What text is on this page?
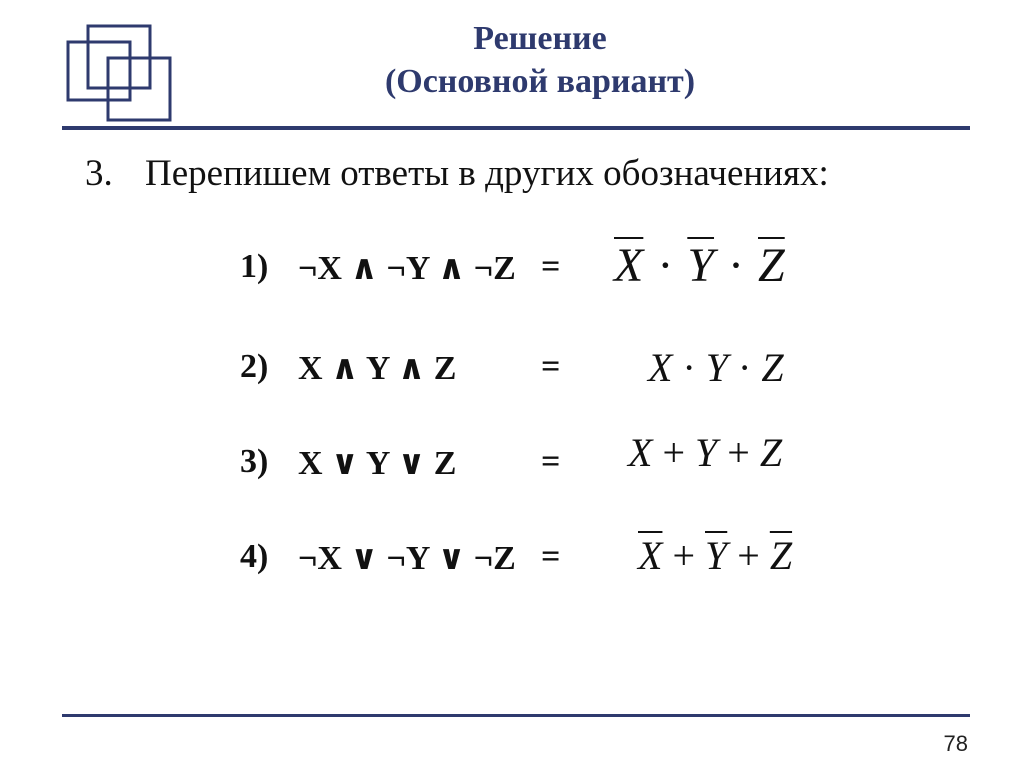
Решение
(Основной вариант)
3. Перепишем ответы в других обозначениях:
1) ¬X ∧ ¬Y ∧ ¬Z = $\overline{X} \cdot \overline{Y} \cdot \overline{Z}$
2) X ∧ Y ∧ Z = X · Y · Z
3) X ∨ Y ∨ Z = X + Y + Z
4) ¬X ∨ ¬Y ∨ ¬Z = $\overline{X} + \overline{Y} + \overline{Z}$
78
